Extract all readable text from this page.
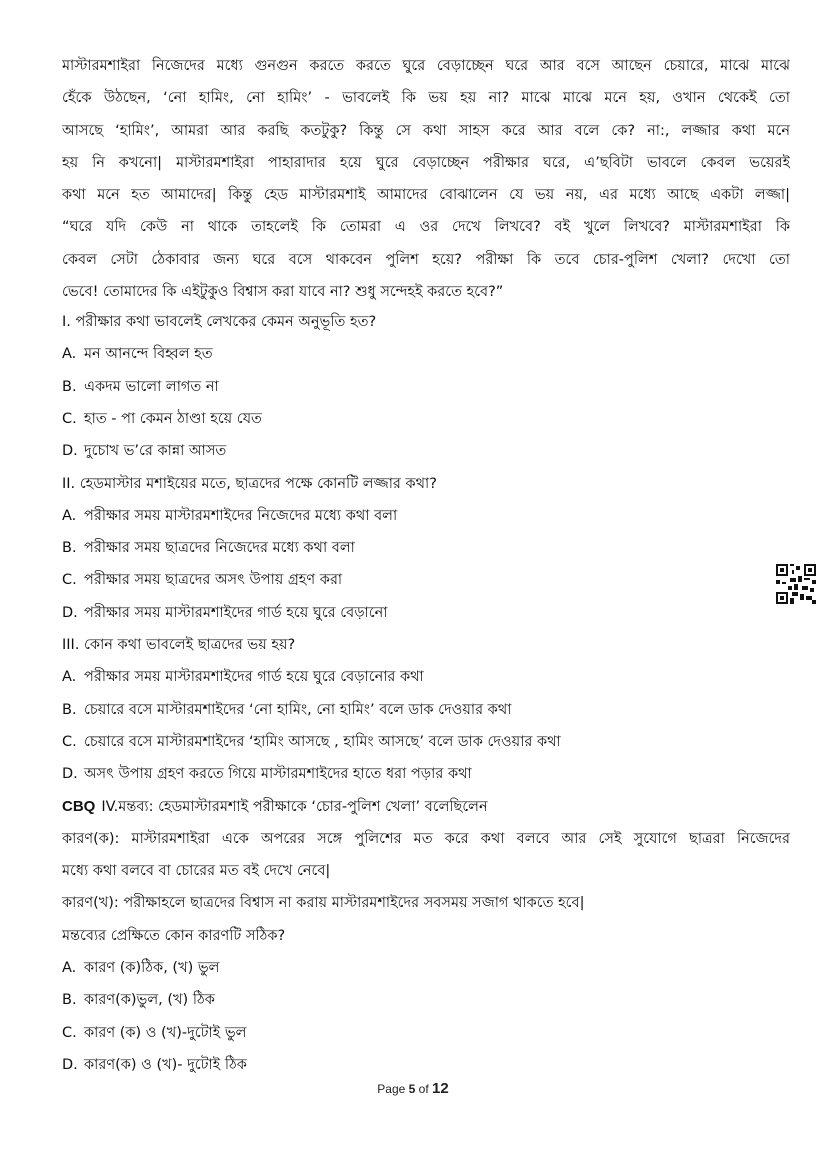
মাস্টারমশাইরা নিজেদের মধ্যে গুনগুন করতে করতে ঘুরে বেড়াচ্ছেন ঘরে আর বসে আছেন চেয়ারে, মাঝে মাঝে
হেঁকে উঠছেন, ‘নো হামিং, নো হামিং’ - ভাবলেই কি ভয় হয় না? মাঝে মাঝে মনে হয়, ওখান থেকেই তো
আসছে ‘হামিং’, আমরা আর করছি কতটুকু? কিন্তু সে কথা সাহস করে আর বলে কে? না:, লজ্জার কথা মনে
হয় নি কখনো| মাস্টারমশাইরা পাহারাদার হয়ে ঘুরে বেড়াচ্ছেন পরীক্ষার ঘরে, এ’ছবিটা ভাবলে কেবল ভয়েরই
কথা মনে হত আমাদের| কিন্তু হেড মাস্টারমশাই আমাদের বোঝালেন যে ভয় নয়, এর মধ্যে আছে একটা লজ্জা|
“ঘরে যদি কেউ না থাকে তাহলেই কি তোমরা এ ওর দেখে লিখবে? বই খুলে লিখবে? মাস্টারমশাইরা কি
কেবল সেটা ঠেকাবার জন্য ঘরে বসে থাকবেন পুলিশ হয়ে? পরীক্ষা কি তবে চোর-পুলিশ খেলা? দেখো তো
ভেবে! তোমাদের কি এইটুকুও বিশ্বাস করা যাবে না? শুধু সন্দেহই করতে হবে?”
I. পরীক্ষার কথা ভাবলেই লেখকের কেমন অনুভূতি হত?
A. মন আনন্দে বিহ্বল হত
B. একদম ভালো লাগত না
C. হাত - পা কেমন ঠাণ্ডা হয়ে যেত
D. দুচোখ ভ’রে কান্না আসত
II. হেডমাস্টার মশাইয়ের মতে, ছাত্রদের পক্ষে কোনটি লজ্জার কথা?
A. পরীক্ষার সময় মাস্টারমশাইদের নিজেদের মধ্যে কথা বলা
B. পরীক্ষার সময় ছাত্রদের নিজেদের মধ্যে কথা বলা
C. পরীক্ষার সময় ছাত্রদের অসৎ উপায় গ্রহণ করা
D. পরীক্ষার সময় মাস্টারমশাইদের গার্ড হয়ে ঘুরে বেড়ানো
III. কোন কথা ভাবলেই ছাত্রদের ভয় হয়?
A. পরীক্ষার সময় মাস্টারমশাইদের গার্ড হয়ে ঘুরে বেড়ানোর কথা
B. চেয়ারে বসে মাস্টারমশাইদের ‘নো হামিং, নো হামিং’ বলে ডাক দেওয়ার কথা
C. চেয়ারে বসে মাস্টারমশাইদের ‘হামিং আসছে , হামিং আসছে’ বলে ডাক দেওয়ার কথা
D. অসৎ উপায় গ্রহণ করতে গিয়ে মাস্টারমশাইদের হাতে ধরা পড়ার কথা
CBQ IV.মন্তব্য: হেডমাস্টারমশাই পরীক্ষাকে ‘চোর-পুলিশ খেলা’ বলেছিলেন
কারণ(ক): মাস্টারমশাইরা একে অপরের সঙ্গে পুলিশের মত করে কথা বলবে আর সেই সুযোগে ছাত্ররা নিজেদের
মধ্যে কথা বলবে বা চোরের মত বই দেখে নেবে|
কারণ(খ): পরীক্ষাহলে ছাত্রদের বিশ্বাস না করায় মাস্টারমশাইদের সবসময় সজাগ থাকতে হবে|
মন্তব্যের প্রেক্ষিতে কোন কারণটি সঠিক?
A. কারণ (ক)ঠিক, (খ) ভুল
B. কারণ(ক)ভুল, (খ) ঠিক
C. কারণ (ক) ও (খ)-দুটোই ভুল
D. কারণ(ক) ও (খ)- দুটোই ঠিক
Page 5 of 12
